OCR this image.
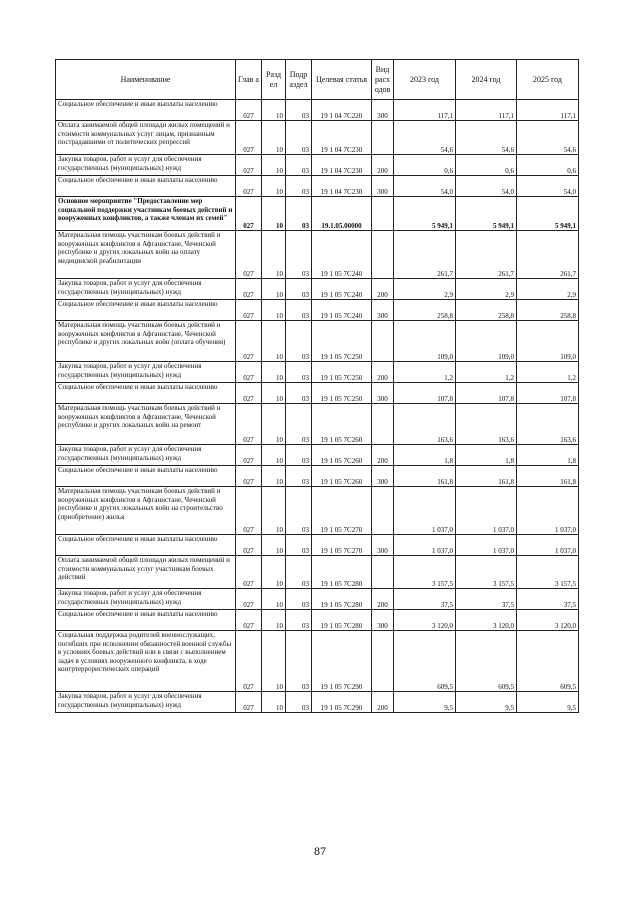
Наименование	Глав а	Разд ел	Подр аздел	Целевая статья	Вид расх одов	2023 год	2024 год	2025 год
Социальное обеспечение и иные выплаты населению	027	10	03	19 1 04 7С220	300	117,1	117,1	117,1
Оплата занимаемой общей площади жилых помещений и стоимости коммунальных услуг лицам, признанным пострадавшими от политических репрессий	027	10	03	19 1 04 7С230		54,6	54,6	54,6
Закупка товаров, работ и услуг для обеспечения государственных (муниципальных) нужд	027	10	03	19 1 04 7С230	200	0,6	0,6	0,6
Социальное обеспечение и иные выплаты населению	027	10	03	19 1 04 7С230	300	54,0	54,0	54,0
Основное мероприятие "Предоставление мер социальной поддержки участникам боевых действий и вооруженных конфликтов, а также членам их семей"	027	10	03	19.1.05.00000		5 949,1	5 949,1	5 949,1
Материальная помощь участникам боевых действий и вооруженных конфликтов в Афганистане, Чеченской республике и других локальных войн на оплату медицинской реабилитации	027	10	03	19 1 05 7С240		261,7	261,7	261,7
Закупка товаров, работ и услуг для обеспечения государственных (муниципальных) нужд	027	10	03	19 1 05 7С240	200	2,9	2,9	2,9
Социальное обеспечение и иные выплаты населению	027	10	03	19 1 05 7С240	300	258,8	258,8	258,8
Материальная помощь участникам боевых действий и вооруженных конфликтов в Афганистане, Чеченской республике и других локальных войн (оплата обучения)	027	10	03	19 1 05 7С250		109,0	109,0	109,0
Закупка товаров, работ и услуг для обеспечения государственных (муниципальных) нужд	027	10	03	19 1 05 7С250	200	1,2	1,2	1,2
Социальное обеспечение и иные выплаты населению	027	10	03	19 1 05 7С250	300	107,8	107,8	107,8
Материальная помощь участникам боевых действий и вооруженных конфликтов в Афганистане, Чеченской республике и других локальных войн на ремонт	027	10	03	19 1 05 7С260		163,6	163,6	163,6
Закупка товаров, работ и услуг для обеспечения государственных (муниципальных) нужд	027	10	03	19 1 05 7С260	200	1,8	1,8	1,8
Социальное обеспечение и иные выплаты населению	027	10	03	19 1 05 7С260	300	161,8	161,8	161,8
Материальная помощь участникам боевых действий и вооруженных конфликтов в Афганистане, Чеченской республике и других локальных войн на строительство (приобретение) жилья	027	10	03	19 1 05 7С270		1 037,0	1 037,0	1 037,0
Социальное обеспечение и иные выплаты населению	027	10	03	19 1 05 7С270	300	1 037,0	1 037,0	1 037,0
Оплата занимаемой общей площади жилых помещений и стоимости коммунальных услуг участникам боевых действий	027	10	03	19 1 05 7С280		3 157,5	3 157,5	3 157,5
Закупка товаров, работ и услуг для обеспечения государственных (муниципальных) нужд	027	10	03	19 1 05 7С280	200	37,5	37,5	37,5
Социальное обеспечение и иные выплаты населению	027	10	03	19 1 05 7С280	300	3 120,0	3 120,0	3 120,0
Социальная поддержка родителей военнослужащих, погибших при исполнении обязанностей военной службы в условиях боевых действий или в связи с выполнением задач в условиях вооруженного конфликта, в ходе контртеррористических операций	027	10	03	19 1 05 7С290		609,5	609,5	609,5
Закупка товаров, работ и услуг для обеспечения государственных (муниципальных) нужд	027	10	03	19 1 05 7С290	200	9,5	9,5	9,5
87
